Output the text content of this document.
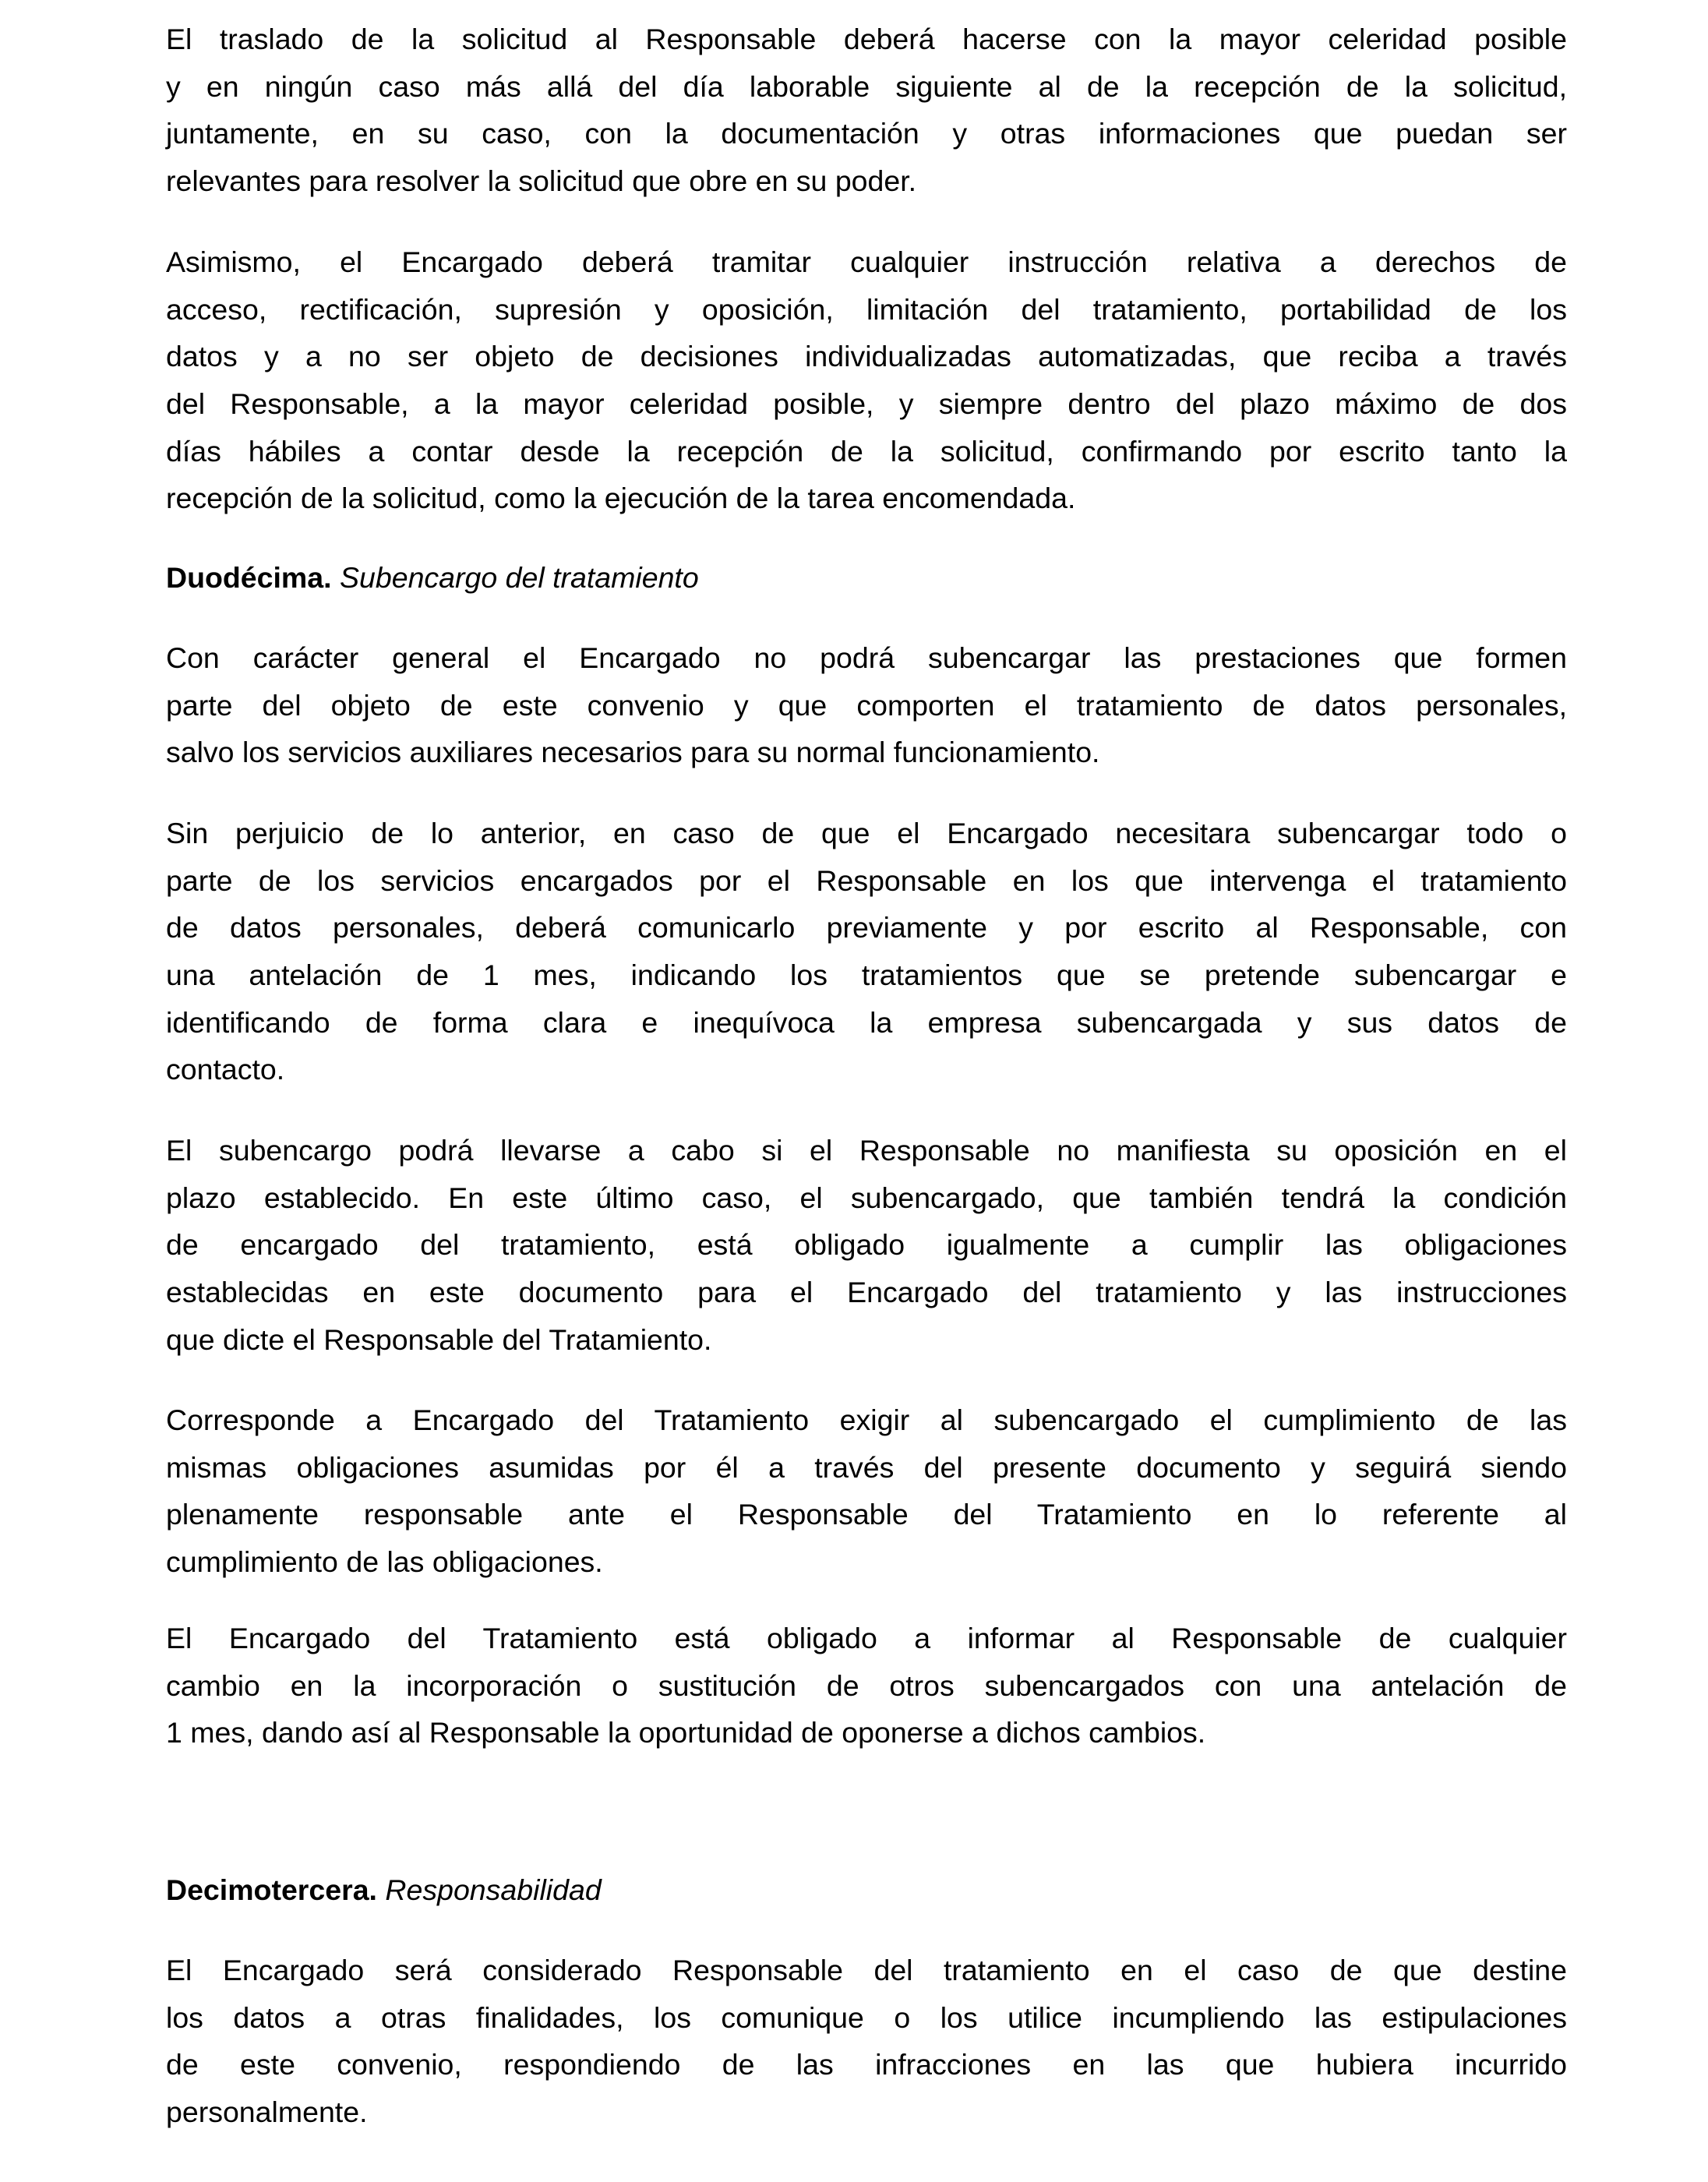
El traslado de la solicitud al Responsable deberá hacerse con la mayor celeridad posible
y en ningún caso más allá del día laborable siguiente al de la recepción de la solicitud,
juntamente, en su caso, con la documentación y otras informaciones que puedan ser
relevantes para resolver la solicitud que obre en su poder.
Asimismo, el Encargado deberá tramitar cualquier instrucción relativa a derechos de
acceso, rectificación, supresión y oposición, limitación del tratamiento, portabilidad de los
datos y a no ser objeto de decisiones individualizadas automatizadas, que reciba a través
del Responsable, a la mayor celeridad posible, y siempre dentro del plazo máximo de dos
días hábiles a contar desde la recepción de la solicitud, confirmando por escrito tanto la
recepción de la solicitud, como la ejecución de la tarea encomendada.
Duodécima. Subencargo del tratamiento
Con carácter general el Encargado no podrá subencargar las prestaciones que formen
parte del objeto de este convenio y que comporten el tratamiento de datos personales,
salvo los servicios auxiliares necesarios para su normal funcionamiento.
Sin perjuicio de lo anterior, en caso de que el Encargado necesitara subencargar todo o
parte de los servicios encargados por el Responsable en los que intervenga el tratamiento
de datos personales, deberá comunicarlo previamente y por escrito al Responsable, con
una antelación de 1 mes, indicando los tratamientos que se pretende subencargar e
identificando de forma clara e inequívoca la empresa subencargada y sus datos de
contacto.
El subencargo podrá llevarse a cabo si el Responsable no manifiesta su oposición en el
plazo establecido. En este último caso, el subencargado, que también tendrá la condición
de encargado del tratamiento, está obligado igualmente a cumplir las obligaciones
establecidas en este documento para el Encargado del tratamiento y las instrucciones
que dicte el Responsable del Tratamiento.
Corresponde a Encargado del Tratamiento exigir al subencargado el cumplimiento de las
mismas obligaciones asumidas por él a través del presente documento y seguirá siendo
plenamente responsable ante el Responsable del Tratamiento en lo referente al
cumplimiento de las obligaciones.
El Encargado del Tratamiento está obligado a informar al Responsable de cualquier
cambio en la incorporación o sustitución de otros subencargados con una antelación de
1 mes, dando así al Responsable la oportunidad de oponerse a dichos cambios.
Decimotercera. Responsabilidad
El Encargado será considerado Responsable del tratamiento en el caso de que destine
los datos a otras finalidades, los comunique o los utilice incumpliendo las estipulaciones
de este convenio, respondiendo de las infracciones en las que hubiera incurrido
personalmente.
